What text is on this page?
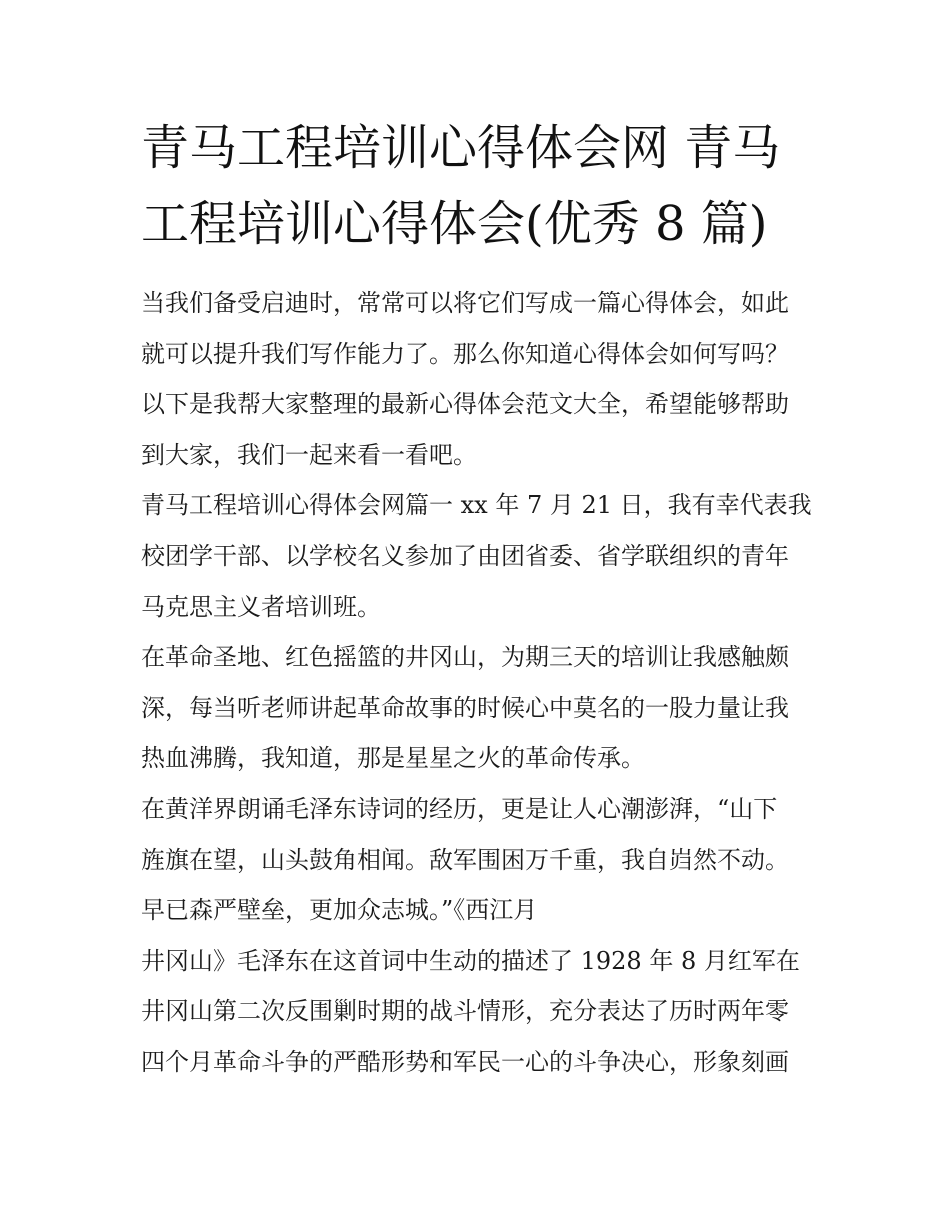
青马工程培训心得体会网 青马
工程培训心得体会(优秀 8 篇)

当我们备受启迪时，常常可以将它们写成一篇心得体会，如此
就可以提升我们写作能力了。那么你知道心得体会如何写吗？
以下是我帮大家整理的最新心得体会范文大全，希望能够帮助
到大家，我们一起来看一看吧。

青马工程培训心得体会网篇一 xx 年 7 月 21 日，我有幸代表我
校团学干部、以学校名义参加了由团省委、省学联组织的青年
马克思主义者培训班。

在革命圣地、红色摇篮的井冈山，为期三天的培训让我感触颇
深，每当听老师讲起革命故事的时候心中莫名的一股力量让我
热血沸腾，我知道，那是星星之火的革命传承。

在黄洋界朗诵毛泽东诗词的经历，更是让人心潮澎湃，“山下
旌旗在望，山头鼓角相闻。敌军围困万千重，我自岿然不动。
早已森严壁垒，更加众志城。”《西江月

井冈山》毛泽东在这首词中生动的描述了 1928 年 8 月红军在
井冈山第二次反围剿时期的战斗情形，充分表达了历时两年零
四个月革命斗争的严酷形势和军民一心的斗争决心，形象刻画
